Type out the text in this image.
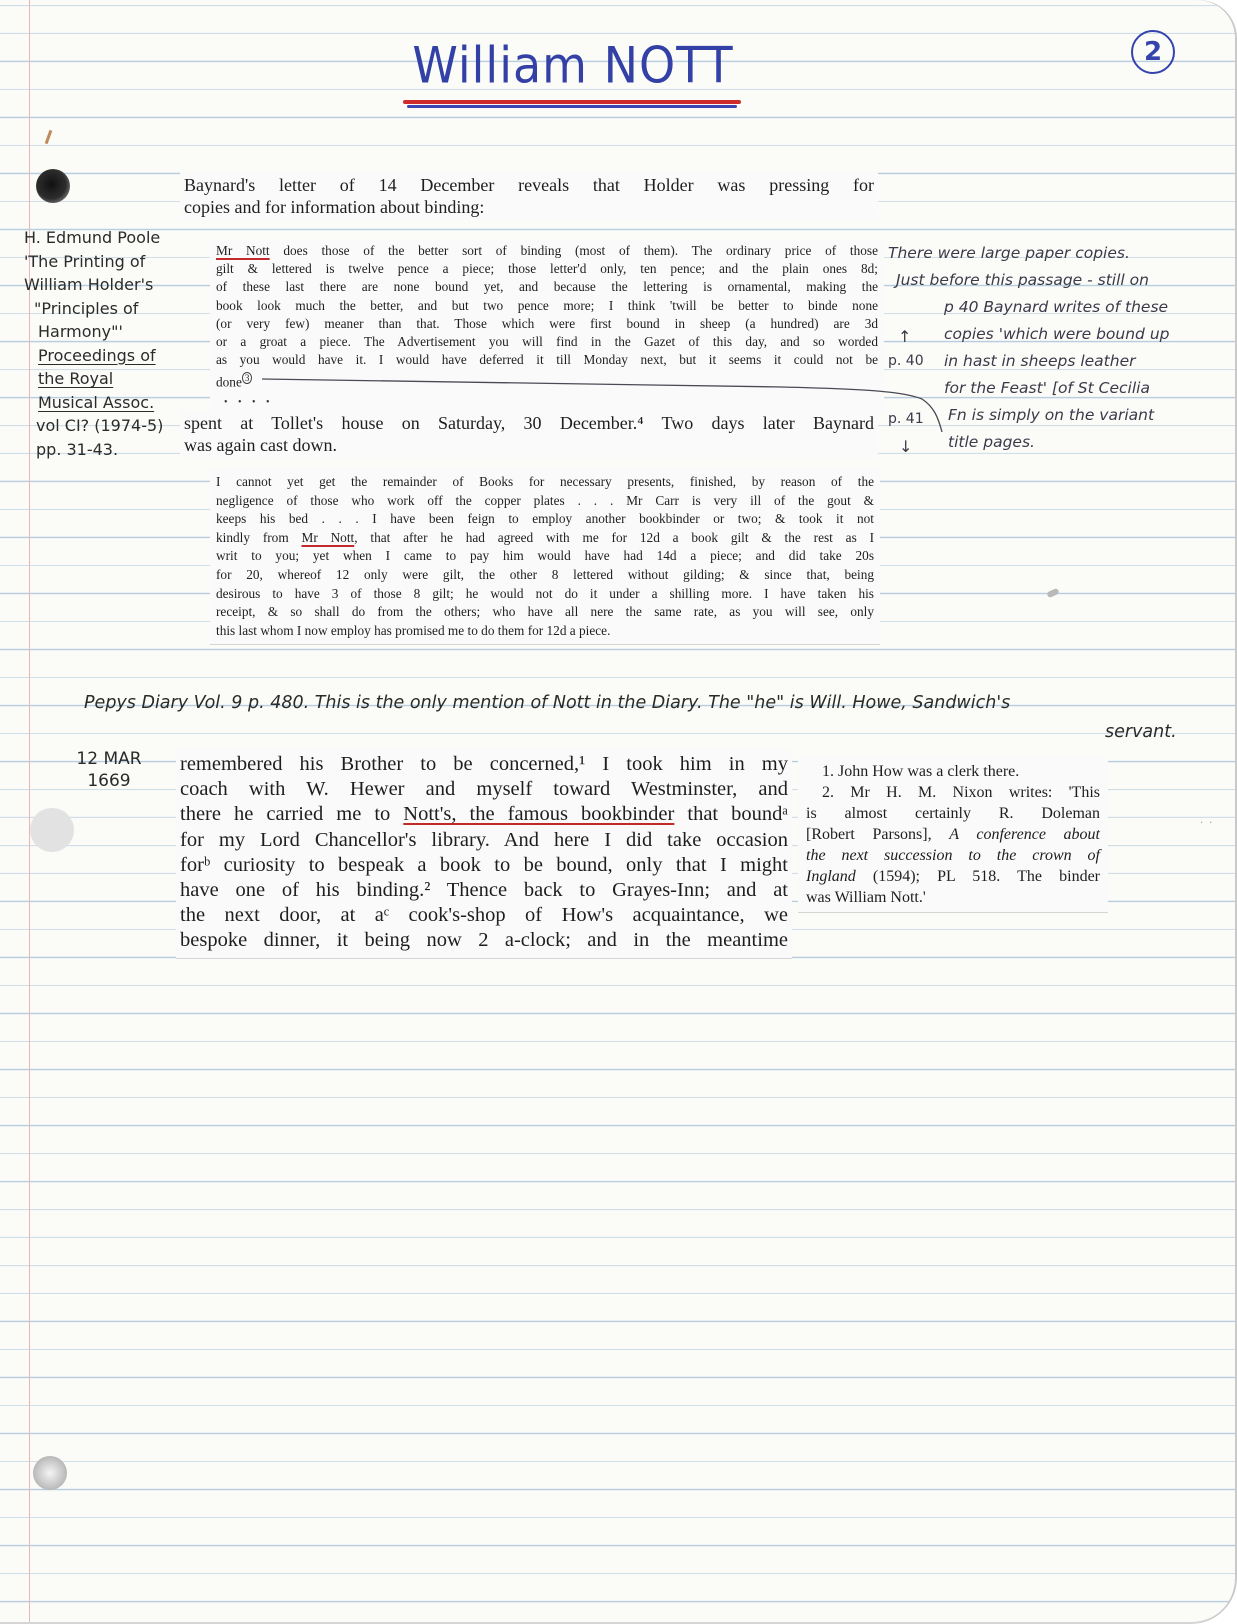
William NOTT	2
Baynard's letter of 14 December reveals that Holder was pressing for
copies and for information about binding:
Mr Nott does those of the better sort of binding (most of them). The ordinary price of those
gilt & lettered is twelve pence a piece; those letter'd only, ten pence; and the plain ones 8d;
of these last there are none bound yet, and because the lettering is ornamental, making the
book look much the better, and but two pence more; I think 'twill be better to binde none
(or very few) meaner than that. Those which were first bound in sheep (a hundred) are 3d
or a groat a piece. The Advertisement you will find in the Gazet of this day, and so worded
as you would have it. I would have deferred it till Monday next, but it seems it could not be
done $^3$
• • • •
spent at Tollet's house on Saturday, 30 December.⁴ Two days later Baynard
was again cast down.
I cannot yet get the remainder of Books for necessary presents, finished, by reason of the
negligence of those who work off the copper plates . . . Mr Carr is very ill of the gout &
keeps his bed . . . I have been feign to employ another bookbinder or two; & took it not
kindly from Mr Nott, that after he had agreed with me for 12d a book gilt & the rest as I
writ to you; yet when I came to pay him would have had 14d a piece; and did take 20s
for 20, whereof 12 only were gilt, the other 8 lettered without gilding; & since that, being
desirous to have 3 of those 8 gilt; he would not do it under a shilling more. I have taken his
receipt, & so shall do from the others; who have all nere the same rate, as you will see, only
this last whom I now employ has promised me to do them for 12d a piece.
H. Edmund Poole
'The Printing of
William Holder's
"Principles of
Harmony"'
Proceedings of
the Royal
Musical Assoc.
vol CI? (1974-5)
pp. 31-43.
There were large paper copies.
Just before this passage - still on
p 40 Baynard writes of these
copies 'which were bound up
in hast in sheeps leather
for the Feast' [of St Cecilia
Fn is simply on the variant
title pages.
↑
p. 40
p. 41
↓
Pepys Diary Vol. 9 p. 480. This is the only mention of Nott in the Diary. The "he" is Will. Howe, Sandwich's
servant.
12 MAR
1669
remembered his Brother to be concerned,¹ I took him in my
coach with W. Hewer and myself toward Westminster, and
there he carried me to Nott's, the famous bookbinder that boundᵃ
for my Lord Chancellor's library. And here I did take occasion
forᵇ curiosity to bespeak a book to be bound, only that I might
have one of his binding.² Thence back to Grayes-Inn; and at
the next door, at aᶜ cook's-shop of How's acquaintance, we
bespoke dinner, it being now 2 a-clock; and in the meantime
1. John How was a clerk there.
2. Mr H. M. Nixon writes: 'This
is almost certainly R. Doleman
[Robert Parsons], A conference about
the next succession to the crown of
Ingland (1594); PL 518. The binder
was William Nott.'
··
